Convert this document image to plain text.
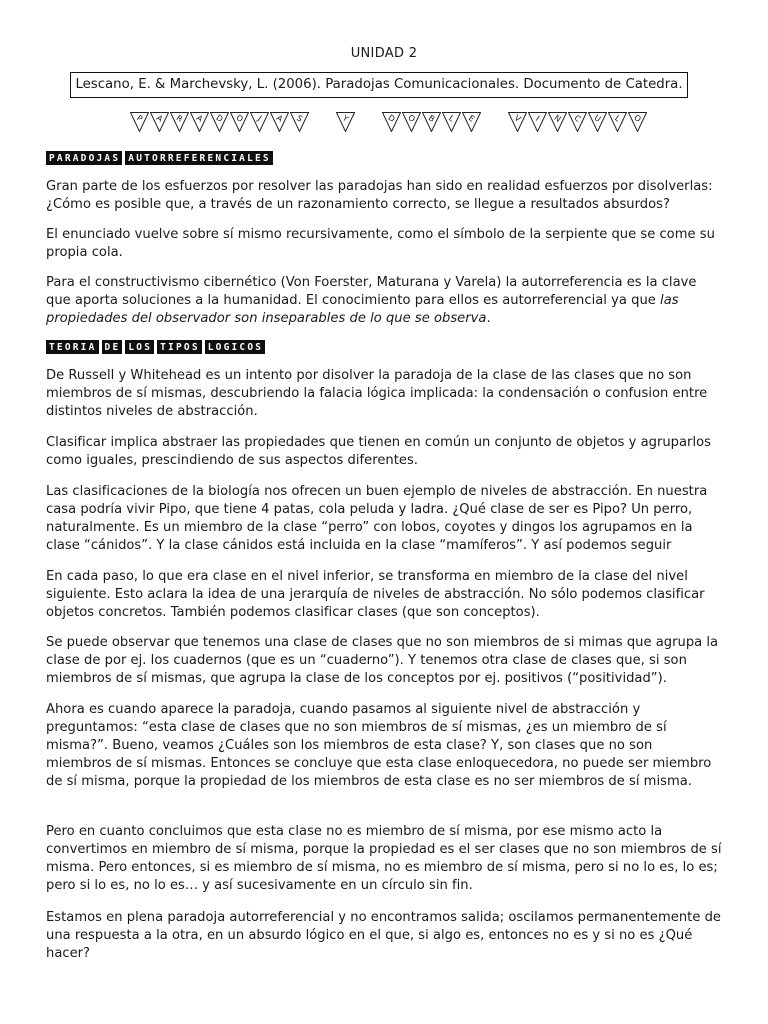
UNIDAD 2
Lescano, E. & Marchevsky, L. (2006). Paradojas Comunicacionales. Documento de Catedra.
P	A	R	A	D	O	J	A	S	Y	D	O	B	L	E	V	I	N	C	U	L	O
PARADOJAS AUTORREFERENCIALES

Gran parte de los esfuerzos por resolver las paradojas han sido en realidad esfuerzos por disolverlas: ¿Cómo es posible que, a través de un razonamiento correcto, se llegue a resultados absurdos?

El enunciado vuelve sobre sí mismo recursivamente, como el símbolo de la serpiente que se come su propia cola.

Para el constructivismo cibernético (Von Foerster, Maturana y Varela) la autorreferencia es la clave que aporta soluciones a la humanidad. El conocimiento para ellos es autorreferencial ya que las propiedades del observador son inseparables de lo que se observa.

TEORIA DE LOS TIPOS LOGICOS

De Russell y Whitehead es un intento por disolver la paradoja de la clase de las clases que no son miembros de sí mismas, descubriendo la falacia lógica implicada: la condensación o confusion entre distintos niveles de abstracción.

Clasificar implica abstraer las propiedades que tienen en común un conjunto de objetos y agruparlos como iguales, prescindiendo de sus aspectos diferentes.

Las clasificaciones de la biología nos ofrecen un buen ejemplo de niveles de abstracción. En nuestra casa podría vivir Pipo, que tiene 4 patas, cola peluda y ladra. ¿Qué clase de ser es Pipo? Un perro, naturalmente. Es un miembro de la clase “perro” con lobos, coyotes y dingos los agrupamos en la clase “cánidos”. Y la clase cánidos está incluida en la clase “mamíferos”. Y así podemos seguir

En cada paso, lo que era clase en el nivel inferior, se transforma en miembro de la clase del nivel siguiente. Esto aclara la idea de una jerarquía de niveles de abstracción. No sólo podemos clasificar objetos concretos. También podemos clasificar clases (que son conceptos).

Se puede observar que tenemos una clase de clases que no son miembros de si mimas que agrupa la clase de por ej. los cuadernos (que es un “cuaderno”). Y tenemos otra clase de clases que, si son miembros de sí mismas, que agrupa la clase de los conceptos por ej. positivos (“positividad”).

Ahora es cuando aparece la paradoja, cuando pasamos al siguiente nivel de abstracción y preguntamos: “esta clase de clases que no son miembros de sí mismas, ¿es un miembro de sí misma?”. Bueno, veamos ¿Cuáles son los miembros de esta clase? Y, son clases que no son miembros de sí mismas. Entonces se concluye que esta clase enloquecedora, no puede ser miembro de sí misma, porque la propiedad de los miembros de esta clase es no ser miembros de sí misma.

Pero en cuanto concluimos que esta clase no es miembro de sí misma, por ese mismo acto la convertimos en miembro de sí misma, porque la propiedad es el ser clases que no son miembros de sí misma. Pero entonces, si es miembro de sí misma, no es miembro de sí misma, pero si no lo es, lo es; pero si lo es, no lo es… y así sucesivamente en un círculo sin fin.

Estamos en plena paradoja autorreferencial y no encontramos salida; oscilamos permanentemente de una respuesta a la otra, en un absurdo lógico en el que, si algo es, entonces no es y si no es ¿Qué hacer?
